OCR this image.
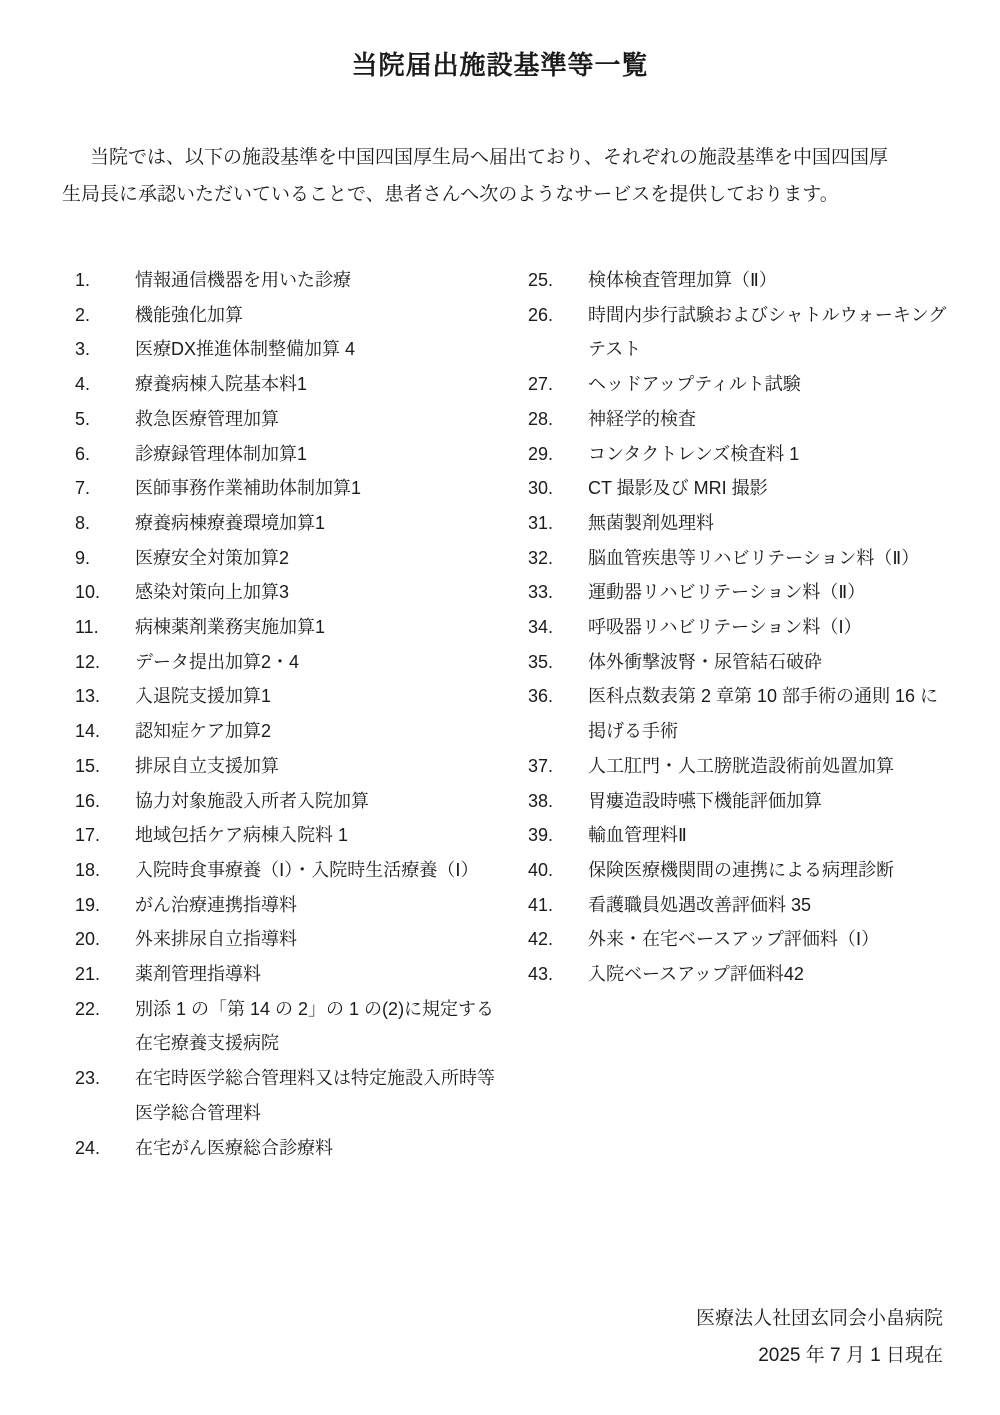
当院届出施設基準等一覧
当院では、以下の施設基準を中国四国厚生局へ届出ており、それぞれの施設基準を中国四国厚
生局長に承認いただいていることで、患者さんへ次のようなサービスを提供しております。
1.	情報通信機器を用いた診療
2.	機能強化加算
3.	医療DX推進体制整備加算 4
4.	療養病棟入院基本料1
5.	救急医療管理加算
6.	診療録管理体制加算1
7.	医師事務作業補助体制加算1
8.	療養病棟療養環境加算1
9.	医療安全対策加算2
10.	感染対策向上加算3
11.	病棟薬剤業務実施加算1
12.	データ提出加算2・4
13.	入退院支援加算1
14.	認知症ケア加算2
15.	排尿自立支援加算
16.	協力対象施設入所者入院加算
17.	地域包括ケア病棟入院料 1
18.	入院時食事療養（Ⅰ）・入院時生活療養（Ⅰ）
19.	がん治療連携指導料
20.	外来排尿自立指導料
21.	薬剤管理指導料
22.	別添 1 の「第 14 の 2」の 1 の(2)に規定する在宅療養支援病院
23.	在宅時医学総合管理料又は特定施設入所時等医学総合管理料
24.	在宅がん医療総合診療料
25.	検体検査管理加算（Ⅱ）
26.	時間内歩行試験およびシャトルウォーキングテスト
27.	ヘッドアップティルト試験
28.	神経学的検査
29.	コンタクトレンズ検査料 1
30.	CT 撮影及び MRI 撮影
31.	無菌製剤処理料
32.	脳血管疾患等リハビリテーション料（Ⅱ）
33.	運動器リハビリテーション料（Ⅱ）
34.	呼吸器リハビリテーション料（Ⅰ）
35.	体外衝撃波腎・尿管結石破砕
36.	医科点数表第 2 章第 10 部手術の通則 16 に掲げる手術
37.	人工肛門・人工膀胱造設術前処置加算
38.	胃瘻造設時嚥下機能評価加算
39.	輸血管理料Ⅱ
40.	保険医療機関間の連携による病理診断
41.	看護職員処遇改善評価料 35
42.	外来・在宅ベースアップ評価料（Ⅰ）
43.	入院ベースアップ評価料42
医療法人社団玄同会小畠病院
2025 年 7 月 1 日現在
